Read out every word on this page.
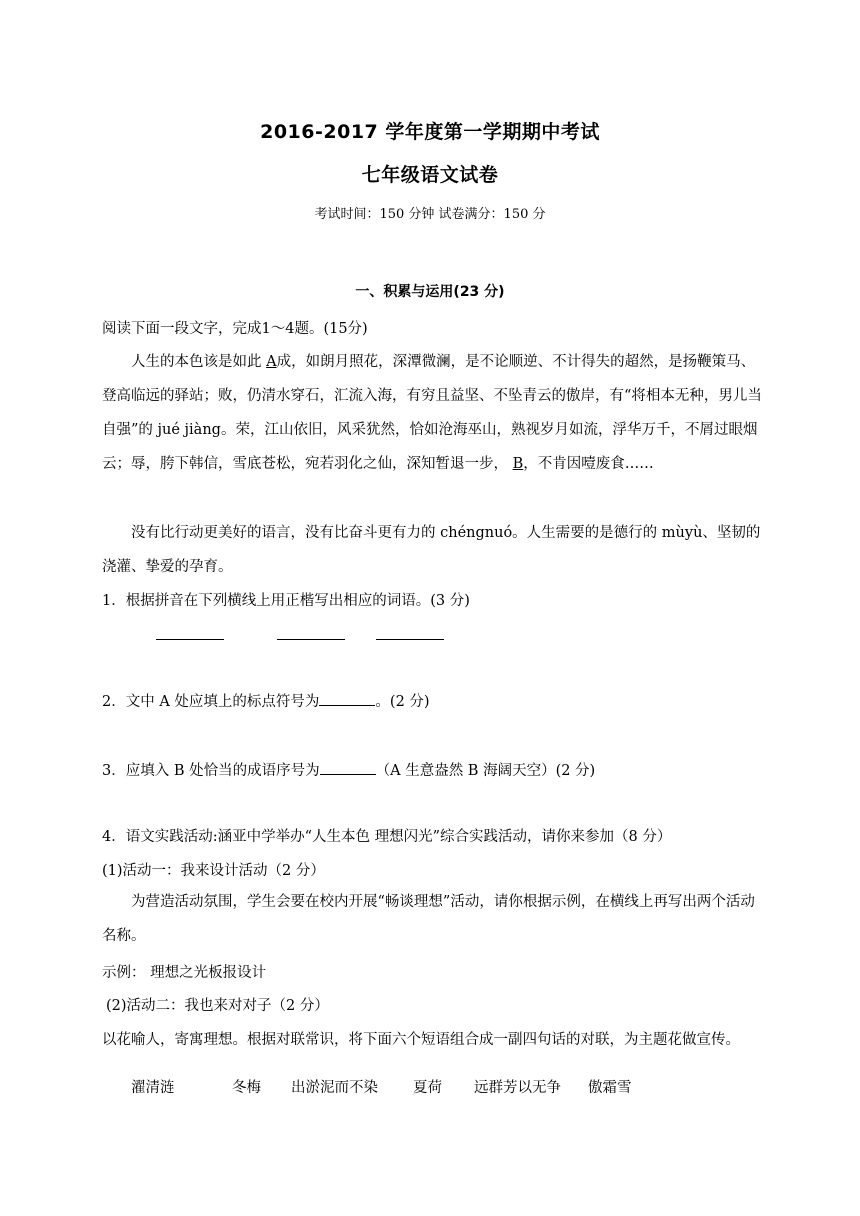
2016-2017 学年度第一学期期中考试
七年级语文试卷
考试时间：150 分钟 试卷满分：150 分
一、积累与运用(23 分)
阅读下面一段文字，完成1～4题。(15分)
人生的本色该是如此 A成，如朗月照花，深潭微澜，是不论顺逆、不计得失的超然，是扬鞭策马、登高临远的驿站；败，仍清水穿石，汇流入海，有穷且益坚、不坠青云的傲岸，有“将相本无种，男儿当自强”的 jué jiàng。荣，江山依旧，风采犹然，恰如沧海巫山，熟视岁月如流，浮华万千，不屑过眼烟云；辱，胯下韩信，雪底苍松，宛若羽化之仙，深知暂退一步， B，不肯因噎废食……
没有比行动更美好的语言，没有比奋斗更有力的 chéngnuó。人生需要的是德行的 mùyù、坚韧的浇灌、挚爱的孕育。
1．根据拼音在下列横线上用正楷写出相应的词语。(3 分)
2．文中 A 处应填上的标点符号为	。(2 分)
3．应填入 B 处恰当的成语序号为	（A 生意盎然 B 海阔天空）(2 分)
4．语文实践活动:涵亚中学举办“人生本色 理想闪光”综合实践活动，请你来参加（8 分）
(1)活动一：我来设计活动（2 分）
为营造活动氛围，学生会要在校内开展“畅谈理想”活动，请你根据示例，在横线上再写出两个活动名称。
示例： 理想之光板报设计
(2)活动二：我也来对对子（2 分）
以花喻人，寄寓理想。根据对联常识，将下面六个短语组合成一副四句话的对联，为主题花做宣传。
濯清涟	冬梅 出淤泥而不染 夏荷 远群芳以无争 傲霜雪
